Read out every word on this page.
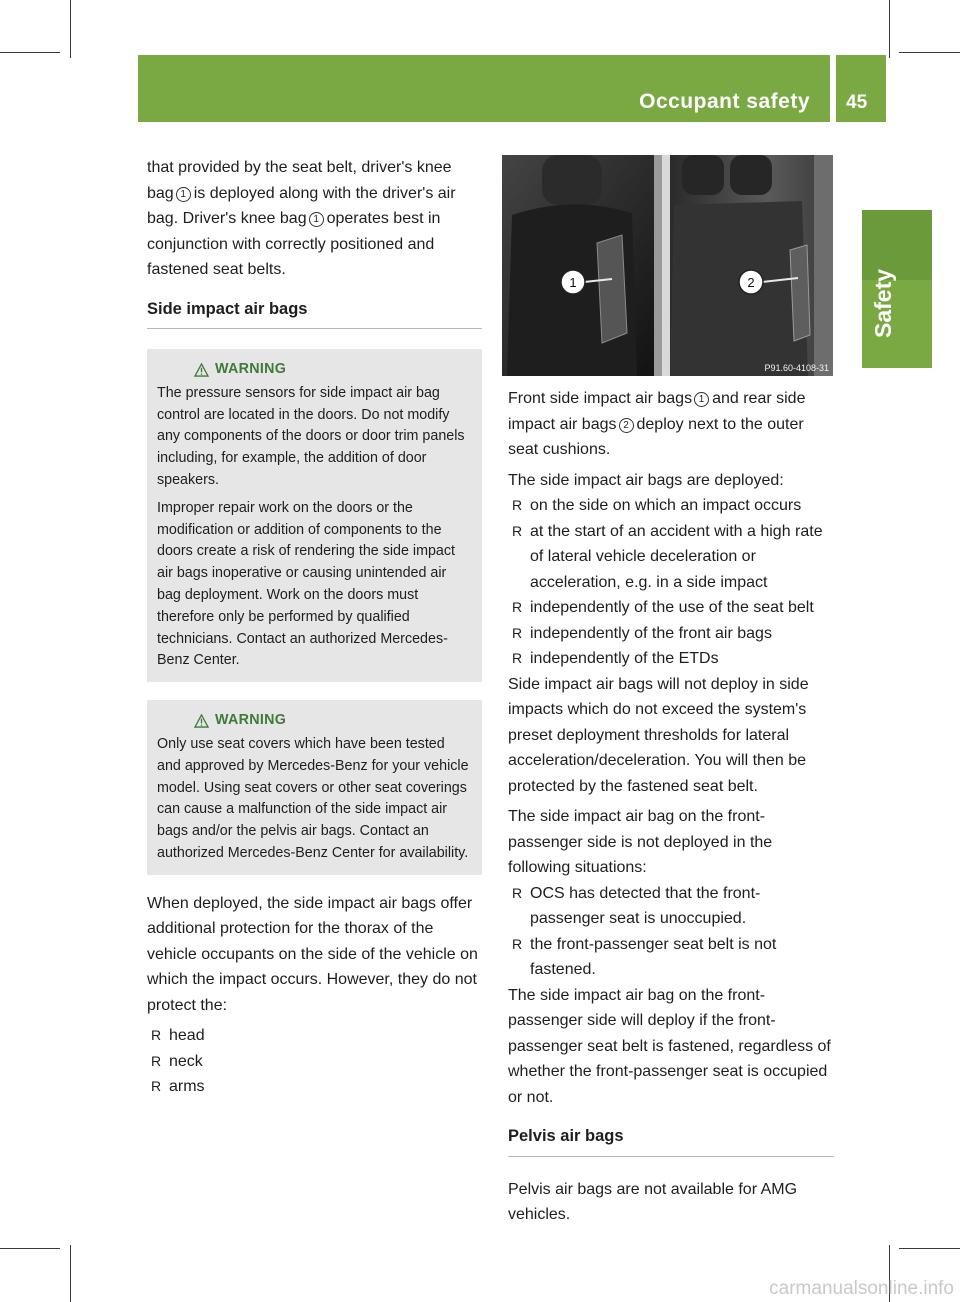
Occupant safety 45
Safety

that provided by the seat belt, driver's knee bag 1 is deployed along with the driver's air bag. Driver's knee bag 1 operates best in conjunction with correctly positioned and fastened seat belts.

Side impact air bags
WARNING

The pressure sensors for side impact air bag control are located in the doors. Do not modify any components of the doors or door trim panels including, for example, the addition of door speakers.

Improper repair work on the doors or the modification or addition of components to the doors create a risk of rendering the side impact air bags inoperative or causing unintended air bag deployment. Work on the doors must therefore only be performed by qualified technicians. Contact an authorized Mercedes-Benz Center.

WARNING

Only use seat covers which have been tested and approved by Mercedes-Benz for your vehicle model. Using seat covers or other seat coverings can cause a malfunction of the side impact air bags and/or the pelvis air bags. Contact an authorized Mercedes-Benz Center for availability.

When deployed, the side impact air bags offer additional protection for the thorax of the vehicle occupants on the side of the vehicle on which the impact occurs. However, they do not protect the:

R head
R neck
R arms
1	2
P91.60-4108-31

Front side impact air bags 1 and rear side impact air bags 2 deploy next to the outer seat cushions.

The side impact air bags are deployed:

R on the side on which an impact occurs
R at the start of an accident with a high rate of lateral vehicle deceleration or acceleration, e.g. in a side impact
R independently of the use of the seat belt
R independently of the front air bags
R independently of the ETDs

Side impact air bags will not deploy in side impacts which do not exceed the system's preset deployment thresholds for lateral acceleration/deceleration. You will then be protected by the fastened seat belt.

The side impact air bag on the front-passenger side is not deployed in the following situations:

R OCS has detected that the front-passenger seat is unoccupied.
R the front-passenger seat belt is not fastened.

The side impact air bag on the front-passenger side will deploy if the front-passenger seat belt is fastened, regardless of whether the front-passenger seat is occupied or not.

Pelvis air bags

Pelvis air bags are not available for AMG vehicles.

carmanualsonline.info
